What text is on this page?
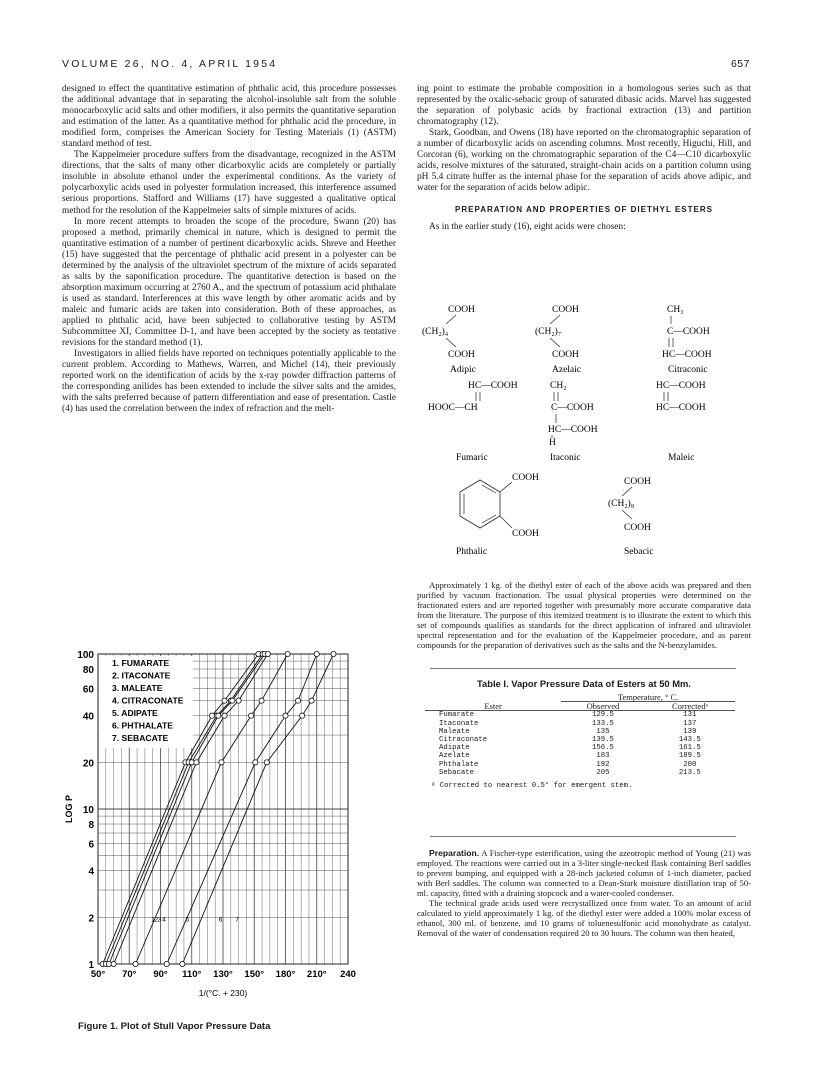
VOLUME 26, NO. 4, APRIL 1954	657

designed to effect the quantitative estimation of phthalic acid, this procedure possesses the additional advantage that in separating the alcohol-insoluble salt from the soluble monocarboxylic acid salts and other modifiers, it also permits the quantitative separation and estimation of the latter. As a quantitative method for phthalic acid the procedure, in modified form, comprises the American Society for Testing Materials (1) (ASTM) standard method of test.

The Kappelmeier procedure suffers from the disadvantage, recognized in the ASTM directions, that the salts of many other dicarboxylic acids are completely or partially insoluble in absolute ethanol under the experimental conditions. As the variety of polycarboxylic acids used in polyester formulation increased, this interference assumed serious proportions. Stafford and Williams (17) have suggested a qualitative optical method for the resolution of the Kappelmeier salts of simple mixtures of acids.

In more recent attempts to broaden the scope of the procedure, Swann (20) has proposed a method, primarily chemical in nature, which is designed to permit the quantitative estimation of a number of pertinent dicarboxylic acids. Shreve and Heether (15) have suggested that the percentage of phthalic acid present in a polyester can be determined by the analysis of the ultraviolet spectrum of the mixture of acids separated as salts by the saponification procedure. The quantitative detection is based on the absorption maximum occurring at 2760 A., and the spectrum of potassium acid phthalate is used as standard. Interferences at this wave length by other aromatic acids and by maleic and fumaric acids are taken into consideration. Both of these approaches, as applied to phthalic acid, have been subjected to collaborative testing by ASTM Subcommittee XI, Committee D-1, and have been accepted by the society as tentative revisions for the standard method (1).

Investigators in allied fields have reported on techniques potentially applicable to the current problem. According to Mathews, Warren, and Michel (14), their previously reported work on the identification of acids by the x-ray powder diffraction patterns of the corresponding anilides has been extended to include the silver salts and the amides, with the salts preferred because of pattern differentiation and ease of presentation. Castle (4) has used the correlation between the index of refraction and the melt-

1 2 3 4	5	6 7
1
2
4
6
8
10
20
40
60
80
100
50° 70° 90° 110° 130° 150° 180° 210° 240
1/(°C. + 230)
LOG P
1. FUMARATE
2. ITACONATE
3. MALEATE
4. CITRACONATE
5. ADIPATE
6. PHTHALATE
7. SEBACATE
Figure 1. Plot of Stull Vapor Pressure Data

ing point to estimate the probable composition in a homologous series such as that represented by the oxalic-sebacic group of saturated dibasic acids. Marvel has suggested the separation of polybasic acids by fractional extraction (13) and partition chromatography (12).

Stark, Goodban, and Owens (18) have reported on the chromatographic separation of a number of dicarboxylic acids on ascending columns. Most recently, Higuchi, Hill, and Corcoran (6), working on the chromatographic separation of the C4—C10 dicarboxylic acids, resolve mixtures of the saturated, straight-chain acids on a partition column using pH 5.4 citrate buffer as the internal phase for the separation of acids above adipic, and water for the separation of acids below adipic.

PREPARATION AND PROPERTIES OF DIETHYL ESTERS

As in the earlier study (16), eight acids were chosen:

COOH
(CH₂)₄
COOH
Adipic
COOH
(CH₂)₇
COOH
Azelaic
CH₃
C—COOH
HC—COOH
Citraconic
HC—COOH
HOOC—CH
Fumaric
CH₂
C—COOH
HC—COOH
H
Itaconic
HC—COOH
HC—COOH
Maleic
COOH
COOH
Phthalic
COOH
(CH₂)₈
COOH
Sebacic

Approximately 1 kg. of the diethyl ester of each of the above acids was prepared and then purified by vacuum fractionation. The usual physical properties were determined on the fractionated esters and are reported together with presumably more accurate comparative data from the literature. The purpose of this itemized treatment is to illustrate the extent to which this set of compounds qualifies as standards for the direct application of infrared and ultraviolet spectral representation and for the evaluation of the Kappelmeier procedure, and as parent compounds for the preparation of derivatives such as the salts and the N-benzylamides.

Table I. Vapor Pressure Data of Esters at 50 Mm.
	Temperature, ° C.	
Ester	Observed	Correctedᵃ
Fumarate	129.5	131
Itaconate	133.5	137
Maleate	135	139
Citraconate	139.5	143.5
Adipate	156.5	161.5
Azelate	183	189.5
Phthalate	192	200
Sebacate	205	213.5
ᵃ Corrected to nearest 0.5° for emergent stem.

Preparation. A Fischer-type esterification, using the azeotropic method of Young (21) was employed. The reactions were carried out in a 3-liter single-necked flask containing Berl saddles to prevent bumping, and equipped with a 28-inch jacketed column of 1-inch diameter, packed with Berl saddles. The column was connected to a Dean-Stark moisture distillation trap of 50-ml. capacity, fitted with a draining stopcock and a water-cooled condenser.

The technical grade acids used were recrystallized once from water. To an amount of acid calculated to yield approximately 1 kg. of the diethyl ester were added a 100% molar excess of ethanol, 300 ml. of benzene, and 10 grams of toluenesulfonic acid monohydrate as catalyst. Removal of the water of condensation required 20 to 30 hours. The column was then heated,
